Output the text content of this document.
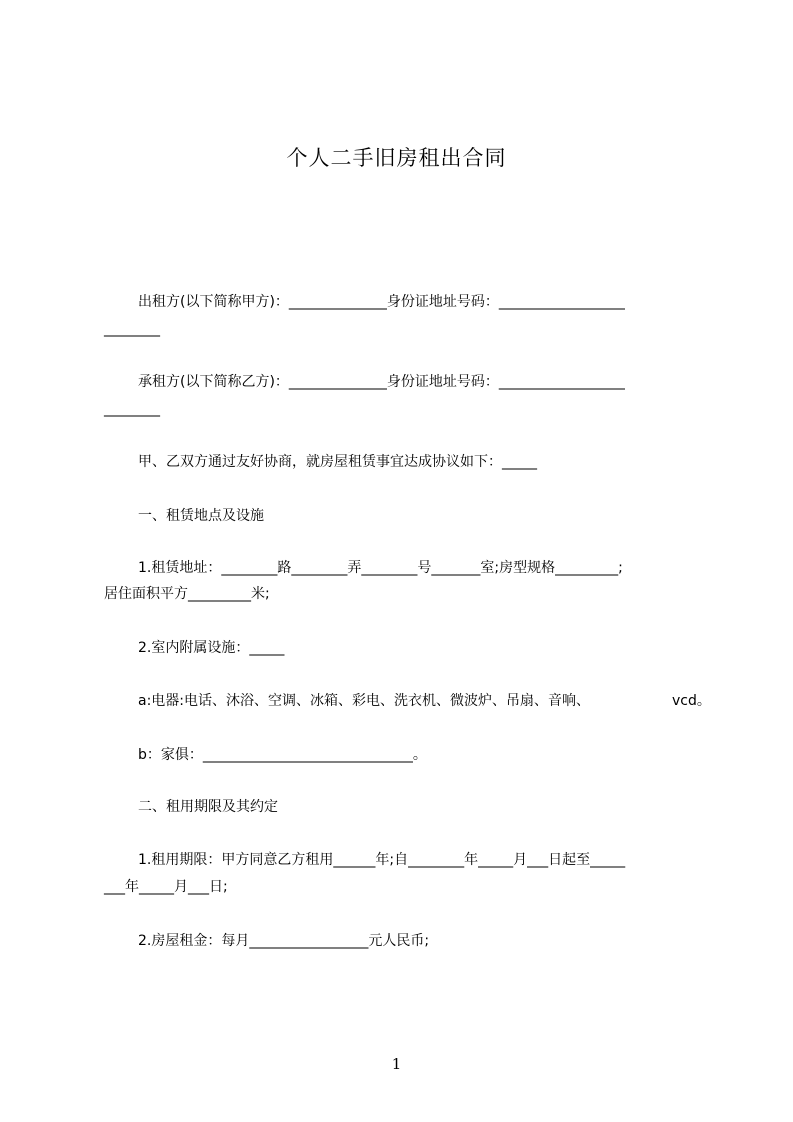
个人二手旧房租出合同
出租方(以下简称甲方)：______________身份证地址号码：__________________
________
承租方(以下简称乙方)：______________身份证地址号码：__________________
________
甲、乙双方通过友好协商，就房屋租赁事宜达成协议如下：_____
一、租赁地点及设施
1.租赁地址：________路________弄________号_______室;房型规格_________;
居住面积平方_________米;
2.室内附属设施：_____
a:电器:电话、沐浴、空调、冰箱、彩电、洗衣机、微波炉、吊扇、音响、	vcd。
b：家俱：______________________________。
二、租用期限及其约定
1.租用期限：甲方同意乙方租用______年;自________年_____月___日起至_____
___年_____月___日;
2.房屋租金：每月_________________元人民币;
1
